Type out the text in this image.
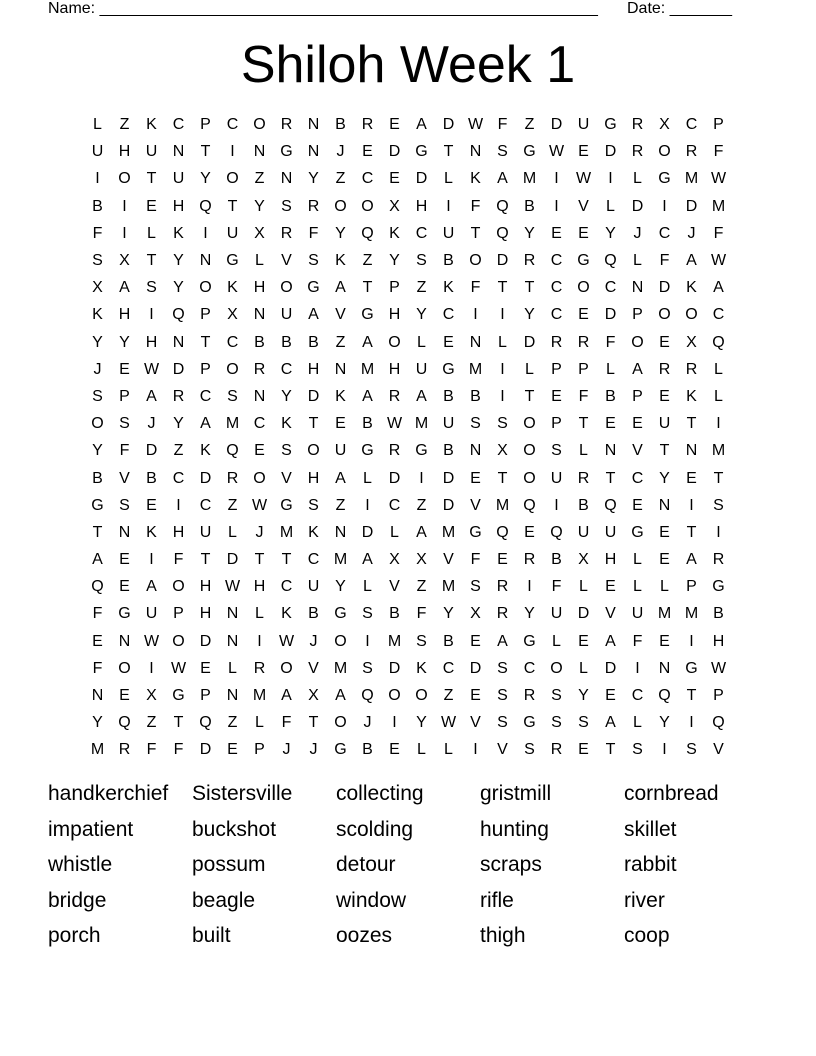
Name: ________________________________________________________ Date: _______
Shiloh Week 1
L	Z	K C P C O R N B R E	A D W F	Z	D U G R X C P
U H U N	T	I	N G N	J	E D G T	N S G W E D R O R	F
I	O T	U Y O Z	N Y	Z	C E D	L	K	A M	I	W	I	L	G M W
B	I	E H Q T	Y	S R O O X H	I	F Q B	I	V	L	D	I	D M
F	I	L	K	I	U X R	F	Y Q K C U	T Q Y	E	E	Y	J	C	J	F
S	X	T	Y N G	L	V	S	K	Z	Y	S	B O D R C G Q	L	F	A W
X	A	S	Y O K H O G A	T	P	Z	K	F	T	T	C O C N D K	A
K H	I	Q P	X N U A	V G H Y C	I	I	Y C E D P O O C
Y	Y H N	T	C B	B	B	Z	A O	L	E N	L	D R R	F O E	X Q
J	E W D P O R C H N M H U G M	I	L	P	P	L	A R R	L
S	P	A R C S N Y D K	A R A	B	B	I	T	E	F	B	P	E	K	L
O S	J	Y	A M C K	T	E	B W M U S	S O P	T	E	E U	T	I
Y	F	D	Z	K Q E	S O U G R G B N X O S	L	N V	T	N M
B	V	B C D R O V H A	L	D	I	D E	T O U R	T	C Y	E	T
G S	E	I	C	Z W G S	Z	I	C	Z	D V M Q	I	B Q E N	I	S
T	N K H U	L	J	M K N D	L	A M G Q E Q U U G E	T	I
A	E	I	F	T	D	T	T	C M A	X	X	V	F	E R B	X H	L	E	A R
Q E	A O H W H C U Y	L	V	Z M S R	I	F	L	E	L	L	P G
F G U P H N	L	K	B G S	B	F	Y	X R Y U D V U M M B
E N W O D N	I	W J	O	I	M S	B	E	A G	L	E	A	F	E	I	H
F O	I	W E	L	R O V M S D K C D S C O	L	D	I	N G W
N E	X G P N M A	X	A Q O O Z	E	S R S	Y	E C Q T	P
Y Q Z	T Q Z	L	F	T O	J	I	Y W V	S G S	S	A	L	Y	I	Q
M R	F	F	D E	P	J	J	G B	E	L	L	I	V	S R E	T	S	I	S	V
handkerchief	Sistersville	collecting	gristmill	cornbread
impatient	buckshot	scolding	hunting	skillet
whistle	possum	detour	scraps	rabbit
bridge	beagle	window	rifle	river
porch	built	oozes	thigh	coop
